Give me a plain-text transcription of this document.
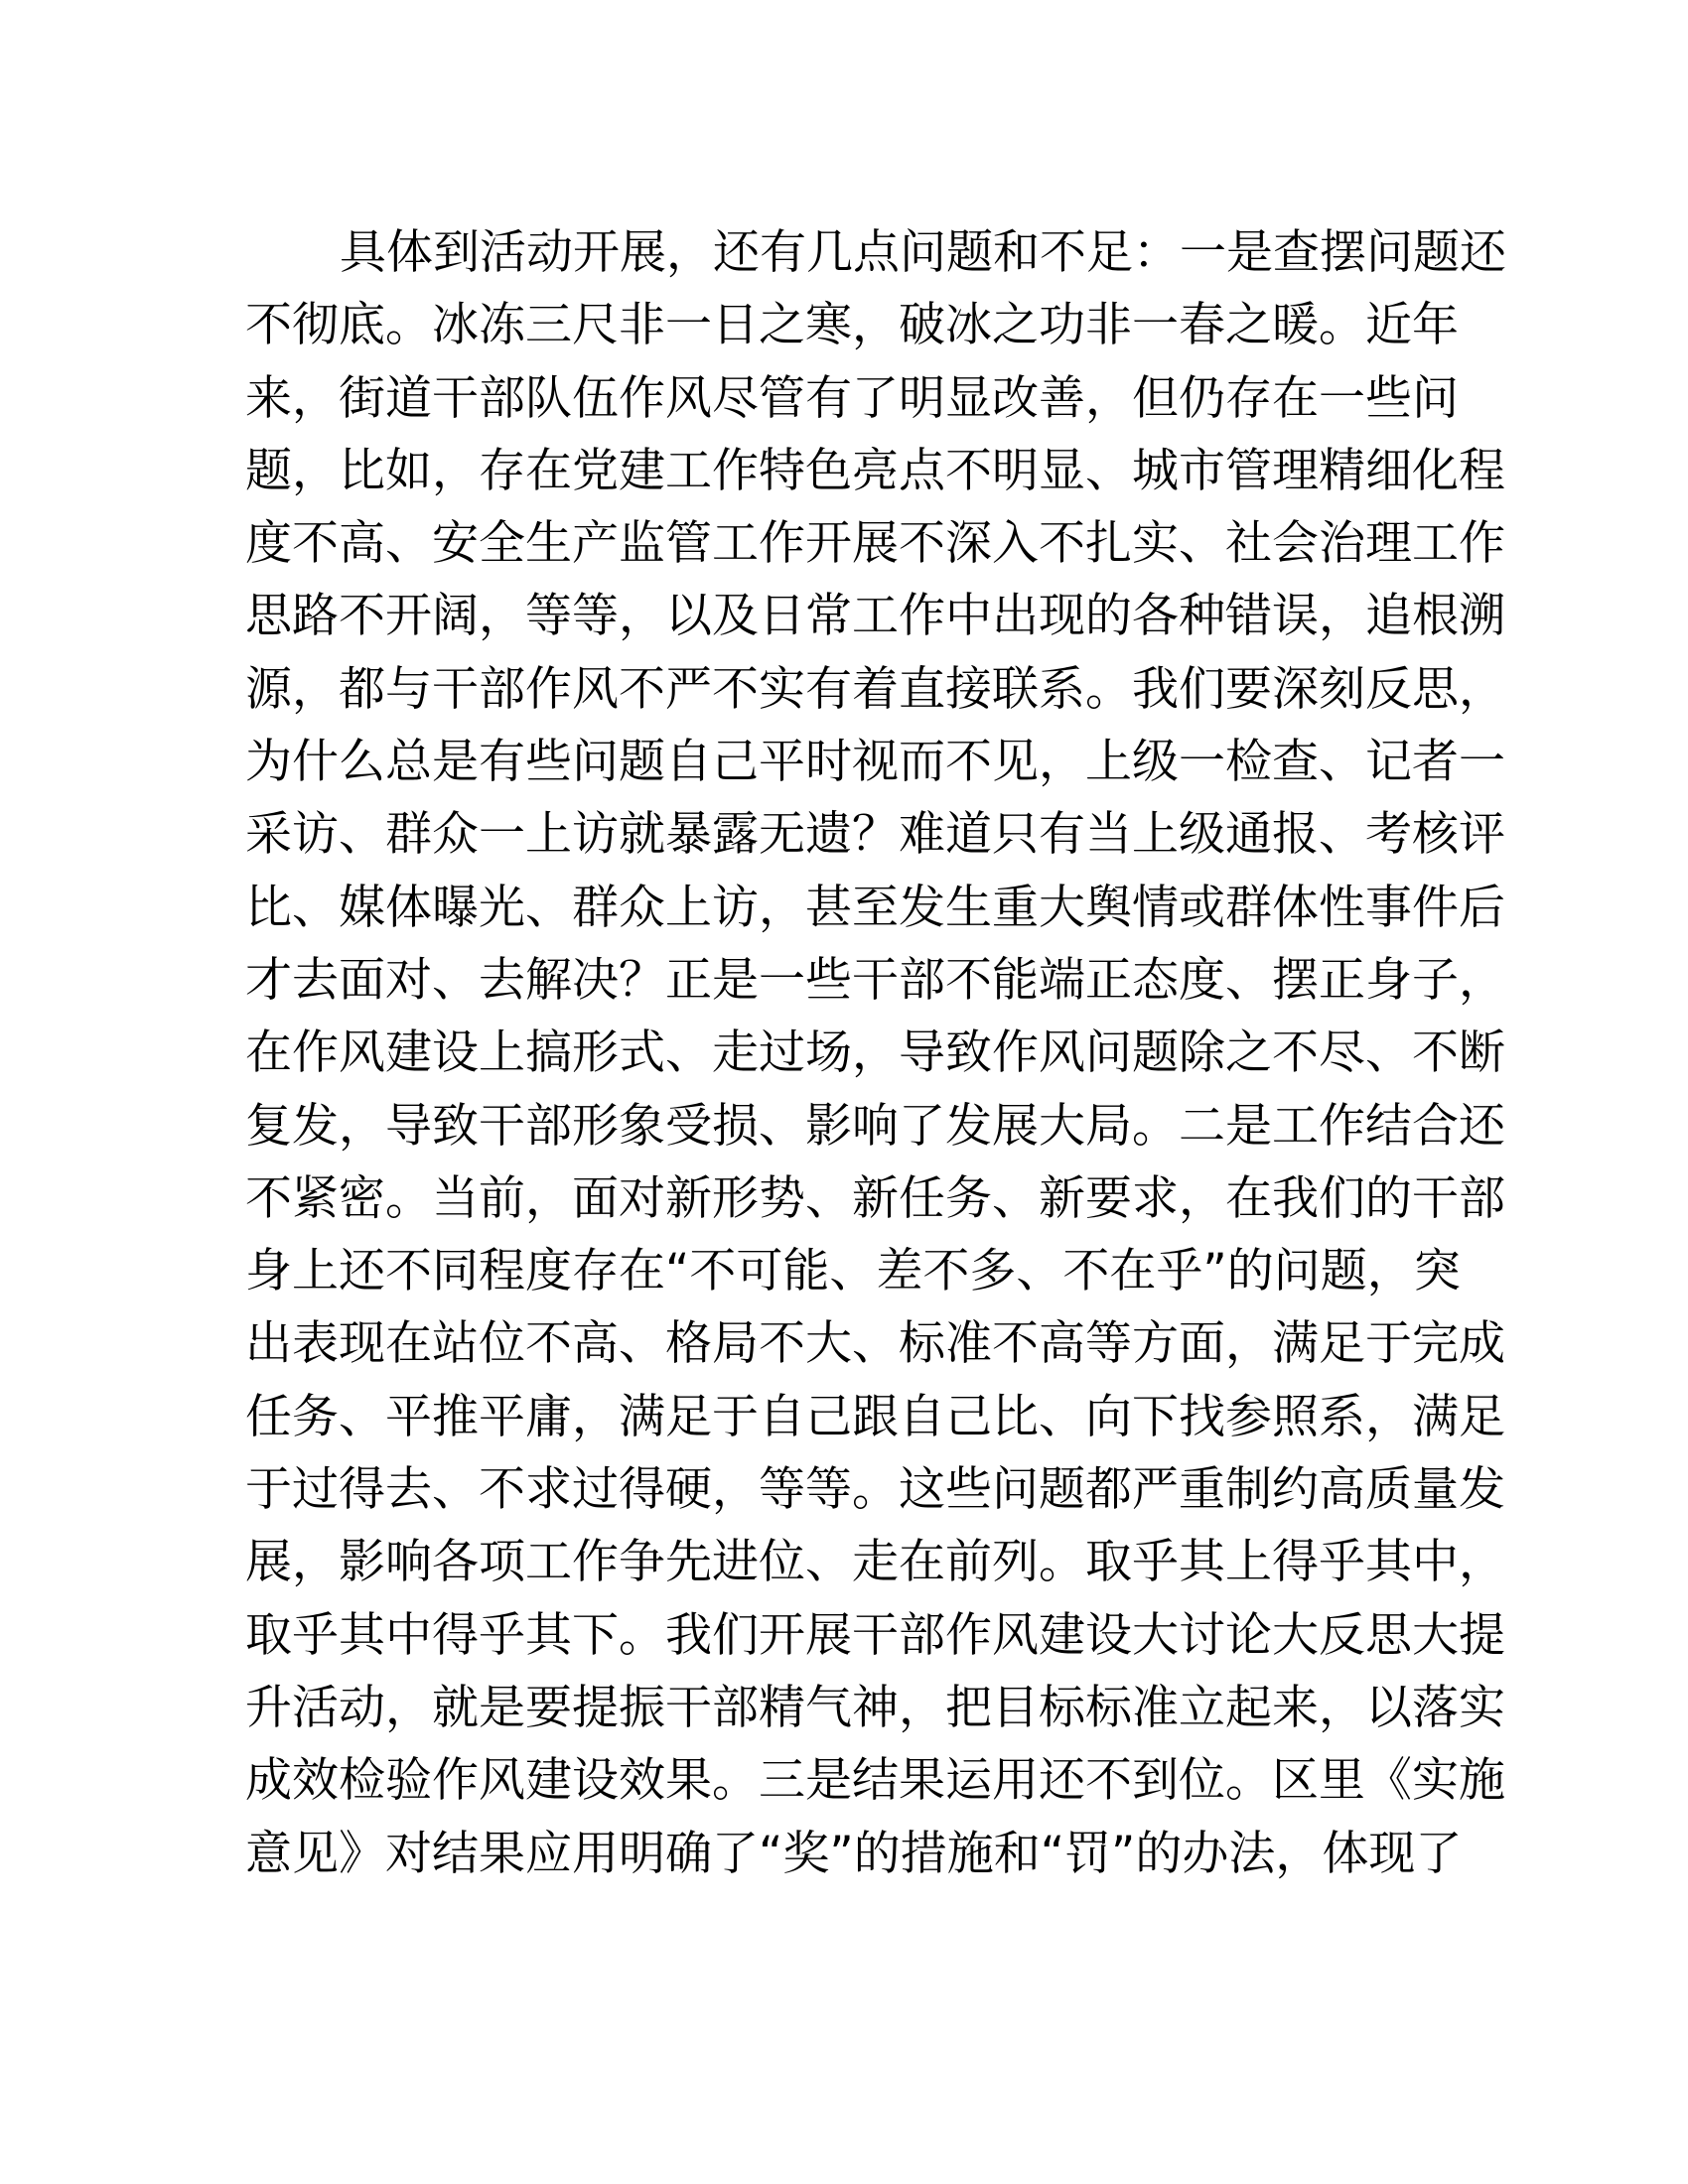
具体到活动开展，还有几点问题和不足：一是查摆问题还
不彻底。冰冻三尺非一日之寒，破冰之功非一春之暖。近年
来，街道干部队伍作风尽管有了明显改善，但仍存在一些问
题，比如，存在党建工作特色亮点不明显、城市管理精细化程
度不高、安全生产监管工作开展不深入不扎实、社会治理工作
思路不开阔，等等，以及日常工作中出现的各种错误，追根溯
源，都与干部作风不严不实有着直接联系。我们要深刻反思，
为什么总是有些问题自己平时视而不见，上级一检查、记者一
采访、群众一上访就暴露无遗？难道只有当上级通报、考核评
比、媒体曝光、群众上访，甚至发生重大舆情或群体性事件后
才去面对、去解决？正是一些干部不能端正态度、摆正身子，
在作风建设上搞形式、走过场，导致作风问题除之不尽、不断
复发，导致干部形象受损、影响了发展大局。二是工作结合还
不紧密。当前，面对新形势、新任务、新要求，在我们的干部
身上还不同程度存在“不可能、差不多、不在乎”的问题，突
出表现在站位不高、格局不大、标准不高等方面，满足于完成
任务、平推平庸，满足于自己跟自己比、向下找参照系，满足
于过得去、不求过得硬，等等。这些问题都严重制约高质量发
展，影响各项工作争先进位、走在前列。取乎其上得乎其中，
取乎其中得乎其下。我们开展干部作风建设大讨论大反思大提
升活动，就是要提振干部精气神，把目标标准立起来，以落实
成效检验作风建设效果。三是结果运用还不到位。区里《实施
意见》对结果应用明确了“奖”的措施和“罚”的办法，体现了
